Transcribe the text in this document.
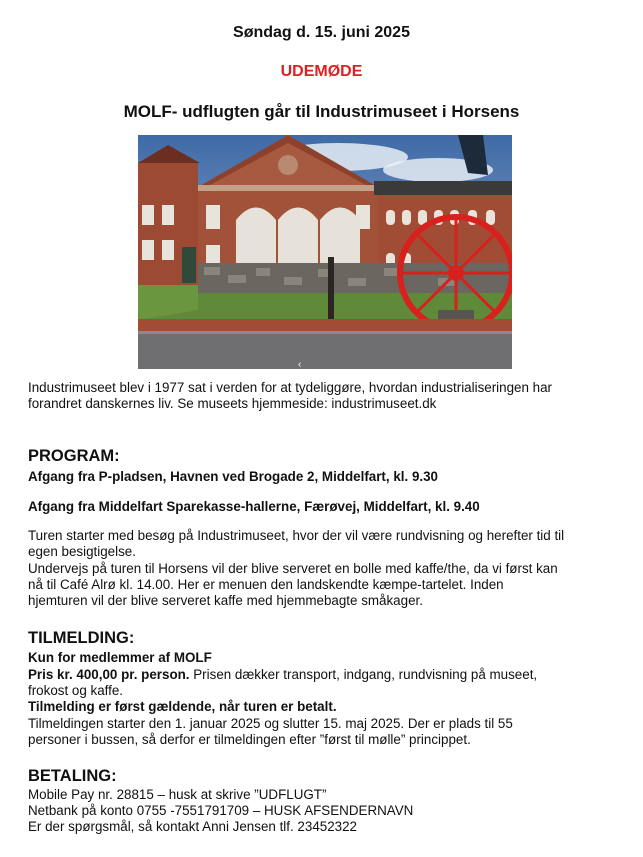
Søndag d. 15. juni 2025
UDEMØDE
MOLF- udflugten går til Industrimuseet i Horsens
‹
Industrimuseet blev i 1977 sat i verden for at tydeliggøre, hvordan industrialiseringen har
forandret danskernes liv. Se museets hjemmeside: industrimuseet.dk
PROGRAM:
Afgang fra P-pladsen, Havnen ved Brogade 2, Middelfart, kl. 9.30
Afgang fra Middelfart Sparekasse-hallerne, Færøvej, Middelfart, kl. 9.40
Turen starter med besøg på Industrimuseet, hvor der vil være rundvisning og herefter tid til
egen besigtigelse.
Undervejs på turen til Horsens vil der blive serveret en bolle med kaffe/the, da vi først kan
nå til Café Alrø kl. 14.00. Her er menuen den landskendte kæmpe-tartelet. Inden
hjemturen vil der blive serveret kaffe med hjemmebagte småkager.
TILMELDING:
Kun for medlemmer af MOLF
Pris kr. 400,00 pr. person. Prisen dækker transport, indgang, rundvisning på museet,
frokost og kaffe.
Tilmelding er først gældende, når turen er betalt.
Tilmeldingen starter den 1. januar 2025 og slutter 15. maj 2025. Der er plads til 55
personer i bussen, så derfor er tilmeldingen efter ”først til mølle” princippet.
BETALING:
Mobile Pay nr. 28815 – husk at skrive ”UDFLUGT”
Netbank på konto 0755 -7551791709 – HUSK AFSENDERNAVN
Er der spørgsmål, så kontakt Anni Jensen tlf. 23452322
